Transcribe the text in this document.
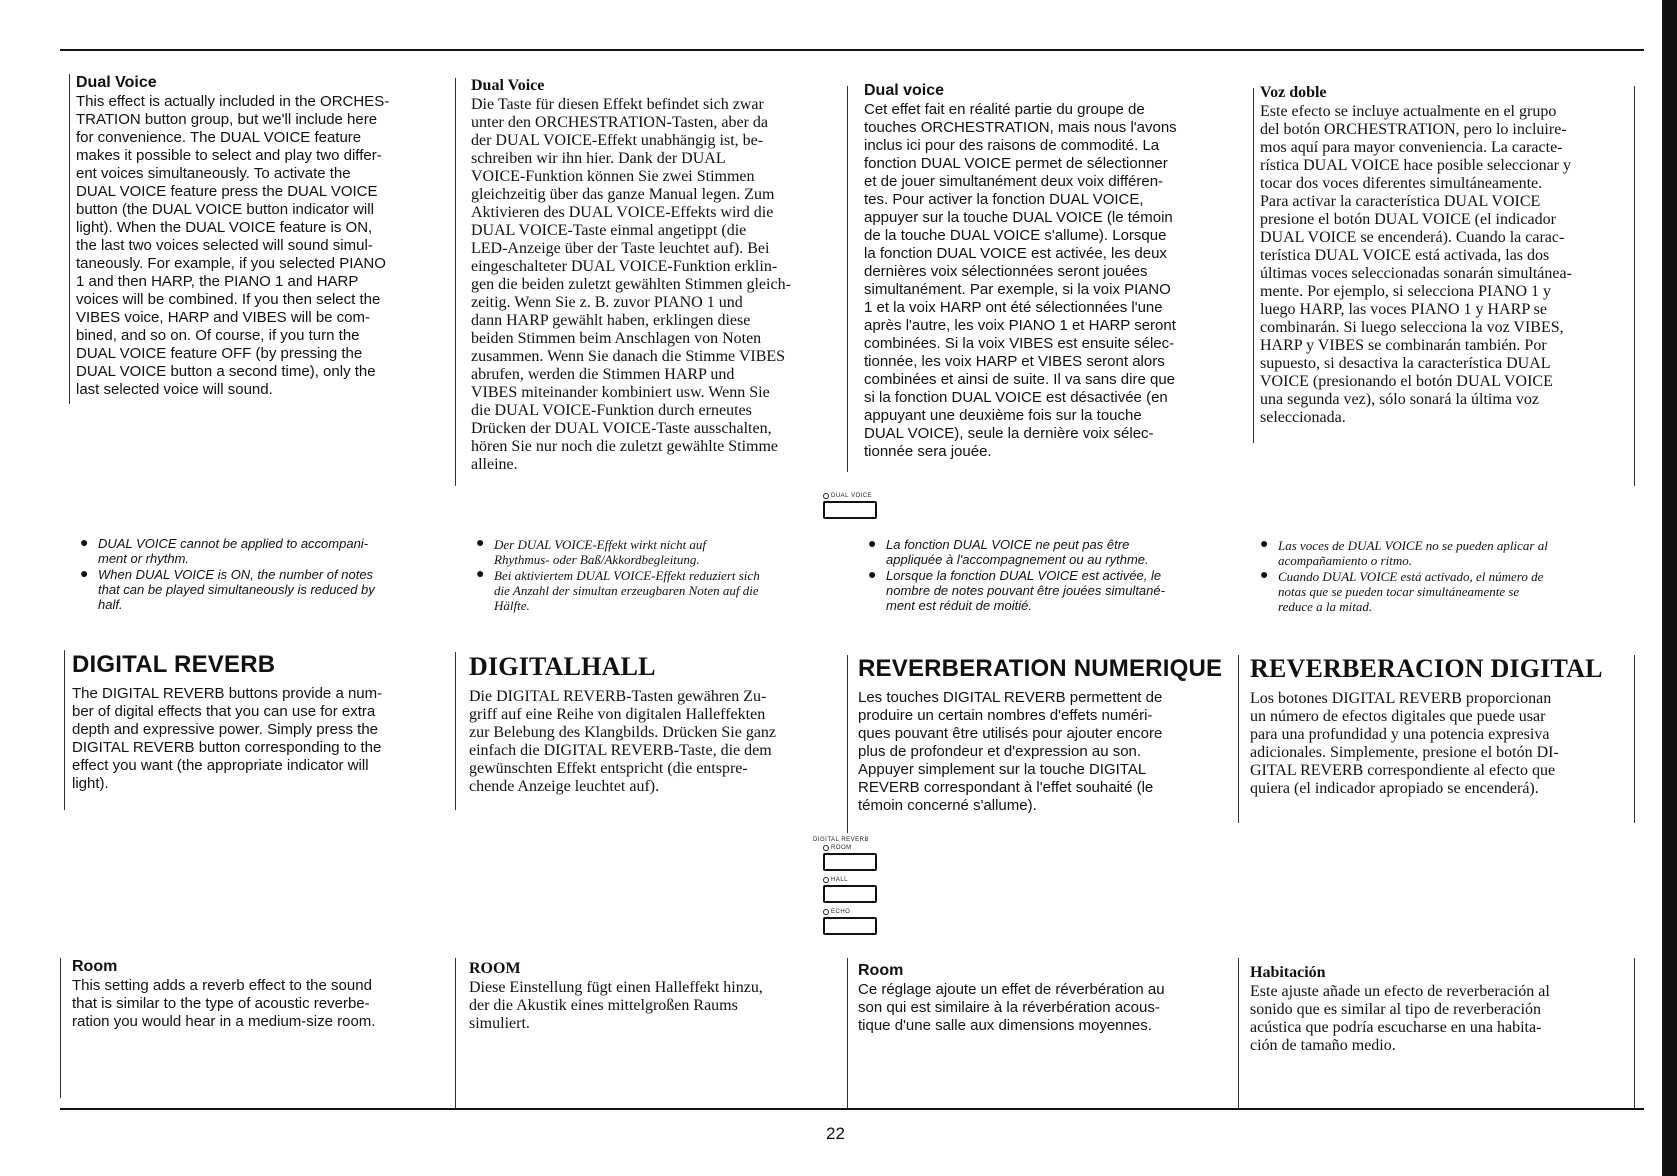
Dual Voice

This effect is actually included in the ORCHES-
TRATION button group, but we'll include here
for convenience. The DUAL VOICE feature
makes it possible to select and play two differ-
ent voices simultaneously. To activate the
DUAL VOICE feature press the DUAL VOICE
button (the DUAL VOICE button indicator will
light). When the DUAL VOICE feature is ON,
the last two voices selected will sound simul-
taneously. For example, if you selected PIANO
1 and then HARP, the PIANO 1 and HARP
voices will be combined. If you then select the
VIBES voice, HARP and VIBES will be com-
bined, and so on. Of course, if you turn the
DUAL VOICE feature OFF (by pressing the
DUAL VOICE button a second time), only the
last selected voice will sound.

● DUAL VOICE cannot be applied to accompani-
ment or rhythm.
● When DUAL VOICE is ON, the number of notes
that can be played simultaneously is reduced by
half.

DIGITAL REVERB

The DIGITAL REVERB buttons provide a num-
ber of digital effects that you can use for extra
depth and expressive power. Simply press the
DIGITAL REVERB button corresponding to the
effect you want (the appropriate indicator will
light).

Room

This setting adds a reverb effect to the sound
that is similar to the type of acoustic reverbe-
ration you would hear in a medium-size room.

Dual Voice

Die Taste für diesen Effekt befindet sich zwar
unter den ORCHESTRATION-Tasten, aber da
der DUAL VOICE-Effekt unabhängig ist, be-
schreiben wir ihn hier. Dank der DUAL
VOICE-Funktion können Sie zwei Stimmen
gleichzeitig über das ganze Manual legen. Zum
Aktivieren des DUAL VOICE-Effekts wird die
DUAL VOICE-Taste einmal angetippt (die
LED-Anzeige über der Taste leuchtet auf). Bei
eingeschalteter DUAL VOICE-Funktion erklin-
gen die beiden zuletzt gewählten Stimmen gleich-
zeitig. Wenn Sie z. B. zuvor PIANO 1 und
dann HARP gewählt haben, erklingen diese
beiden Stimmen beim Anschlagen von Noten
zusammen. Wenn Sie danach die Stimme VIBES
abrufen, werden die Stimmen HARP und
VIBES miteinander kombiniert usw. Wenn Sie
die DUAL VOICE-Funktion durch erneutes
Drücken der DUAL VOICE-Taste ausschalten,
hören Sie nur noch die zuletzt gewählte Stimme
alleine.

● Der DUAL VOICE-Effekt wirkt nicht auf
Rhythmus- oder Baß/Akkordbegleitung.
● Bei aktiviertem DUAL VOICE-Effekt reduziert sich
die Anzahl der simultan erzeugbaren Noten auf die
Hälfte.

DIGITALHALL

Die DIGITAL REVERB-Tasten gewähren Zu-
griff auf eine Reihe von digitalen Halleffekten
zur Belebung des Klangbilds. Drücken Sie ganz
einfach die DIGITAL REVERB-Taste, die dem
gewünschten Effekt entspricht (die entspre-
chende Anzeige leuchtet auf).

ROOM

Diese Einstellung fügt einen Halleffekt hinzu,
der die Akustik eines mittelgroßen Raums
simuliert.

Dual voice

Cet effet fait en réalité partie du groupe de
touches ORCHESTRATION, mais nous l'avons
inclus ici pour des raisons de commodité. La
fonction DUAL VOICE permet de sélectionner
et de jouer simultanément deux voix différen-
tes. Pour activer la fonction DUAL VOICE,
appuyer sur la touche DUAL VOICE (le témoin
de la touche DUAL VOICE s'allume). Lorsque
la fonction DUAL VOICE est activée, les deux
dernières voix sélectionnées seront jouées
simultanément. Par exemple, si la voix PIANO
1 et la voix HARP ont été sélectionnées l'une
après l'autre, les voix PIANO 1 et HARP seront
combinées. Si la voix VIBES est ensuite sélec-
tionnée, les voix HARP et VIBES seront alors
combinées et ainsi de suite. Il va sans dire que
si la fonction DUAL VOICE est désactivée (en
appuyant une deuxième fois sur la touche
DUAL VOICE), seule la dernière voix sélec-
tionnée sera jouée.

● La fonction DUAL VOICE ne peut pas être
appliquée à l'accompagnement ou au rythme.
● Lorsque la fonction DUAL VOICE est activée, le
nombre de notes pouvant être jouées simultané-
ment est réduit de moitié.

REVERBERATION NUMERIQUE

Les touches DIGITAL REVERB permettent de
produire un certain nombres d'effets numéri-
ques pouvant être utilisés pour ajouter encore
plus de profondeur et d'expression au son.
Appuyer simplement sur la touche DIGITAL
REVERB correspondant à l'effet souhaité (le
témoin concerné s'allume).

Room

Ce réglage ajoute un effet de réverbération au
son qui est similaire à la réverbération acous-
tique d'une salle aux dimensions moyennes.

Voz doble

Este efecto se incluye actualmente en el grupo
del botón ORCHESTRATION, pero lo incluire-
mos aquí para mayor conveniencia. La caracte-
rística DUAL VOICE hace posible seleccionar y
tocar dos voces diferentes simultáneamente.
Para activar la característica DUAL VOICE
presione el botón DUAL VOICE (el indicador
DUAL VOICE se encenderá). Cuando la carac-
terística DUAL VOICE está activada, las dos
últimas voces seleccionadas sonarán simultánea-
mente. Por ejemplo, si selecciona PIANO 1 y
luego HARP, las voces PIANO 1 y HARP se
combinarán. Si luego selecciona la voz VIBES,
HARP y VIBES se combinarán también. Por
supuesto, si desactiva la característica DUAL
VOICE (presionando el botón DUAL VOICE
una segunda vez), sólo sonará la última voz
seleccionada.

● Las voces de DUAL VOICE no se pueden aplicar al
acompañamiento o ritmo.
● Cuando DUAL VOICE está activado, el número de
notas que se pueden tocar simultáneamente se
reduce a la mitad.

REVERBERACION DIGITAL

Los botones DIGITAL REVERB proporcionan
un número de efectos digitales que puede usar
para una profundidad y una potencia expresiva
adicionales. Simplemente, presione el botón DI-
GITAL REVERB correspondiente al efecto que
quiera (el indicador apropiado se encenderá).

Habitación

Este ajuste añade un efecto de reverberación al
sonido que es similar al tipo de reverberación
acústica que podría escucharse en una habita-
ción de tamaño medio.

DUAL VOICE
DIGITAL REVERB
ROOM
HALL
ECHO
22
